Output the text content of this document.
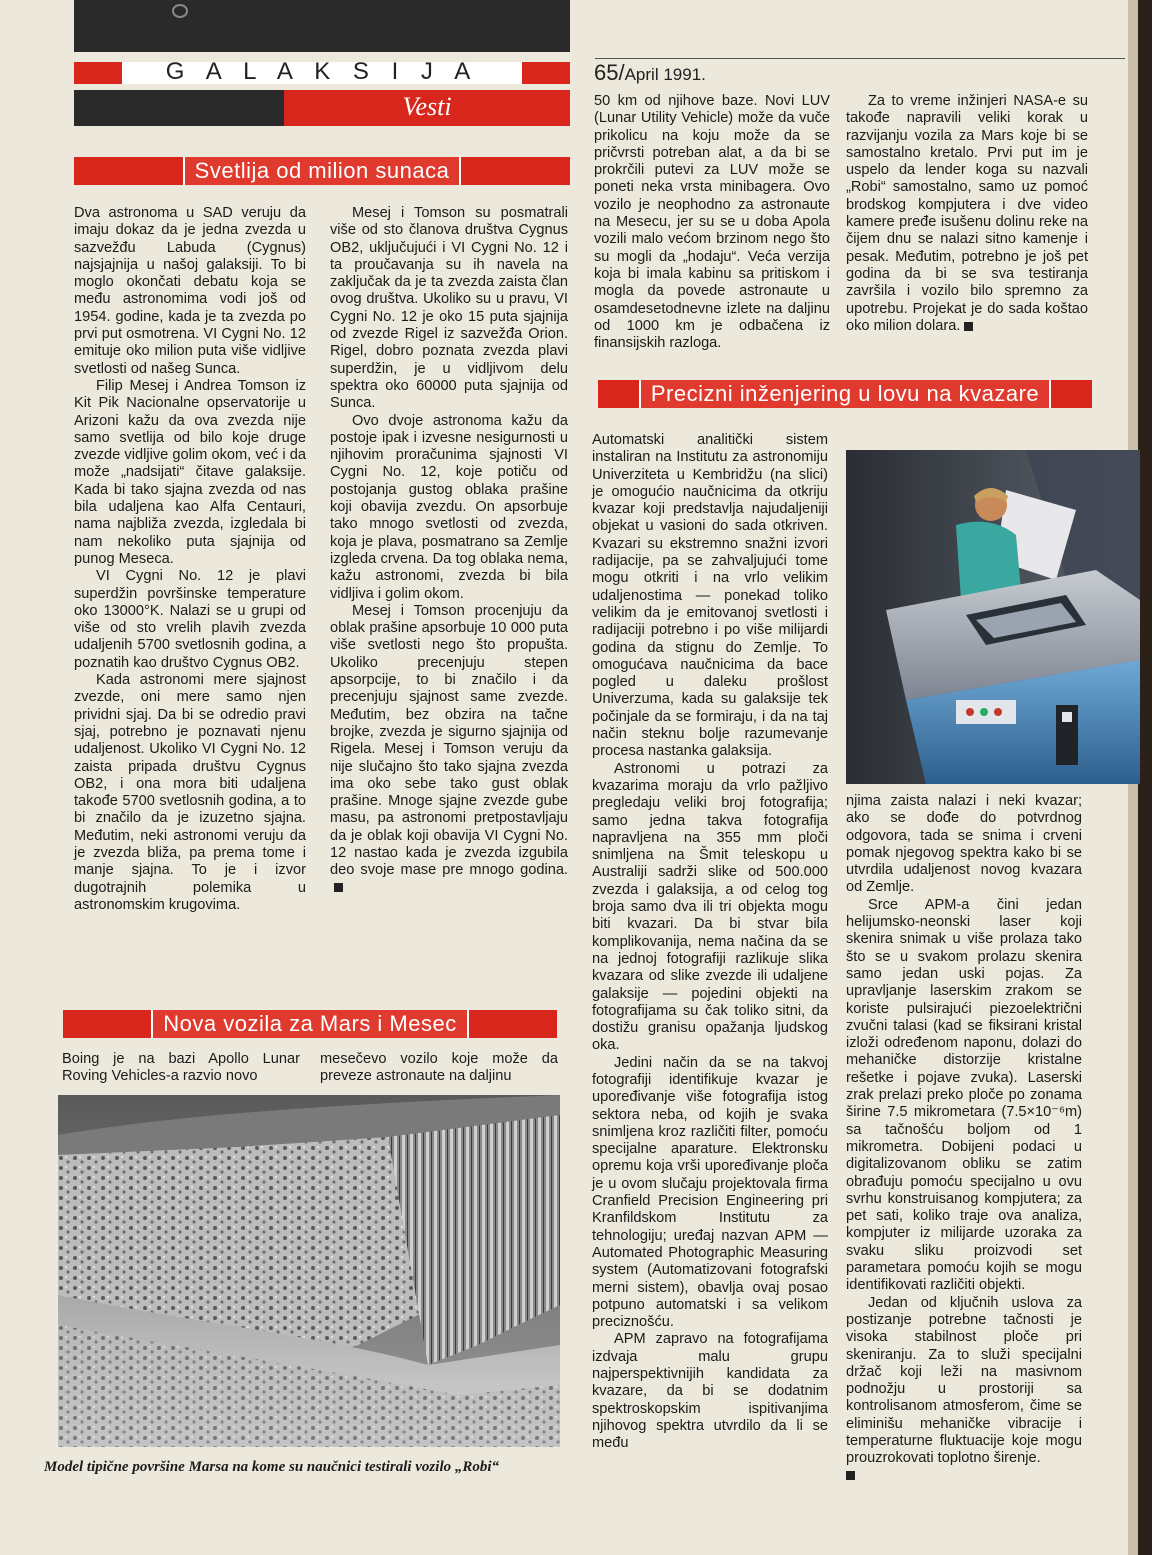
G A L A K S I J A
Vesti
65/April 1991.
Svetlija od milion sunaca

Dva astronoma u SAD veruju da imaju dokaz da je jedna zvezda u sazvežđu Labuda (Cygnus) najsjajnija u našoj galaksiji. To bi moglo okončati debatu koja se među astronomima vodi još od 1954. godine, kada je ta zvezda po prvi put osmotrena. VI Cygni No. 12 emituje oko milion puta više vidljive svetlosti od našeg Sunca.

Filip Mesej i Andrea Tomson iz Kit Pik Nacionalne opservatorije u Arizoni kažu da ova zvezda nije samo svetlija od bilo koje druge zvezde vidljive golim okom, već i da može „nadsijati“ čitave galaksije. Kada bi tako sjajna zvezda od nas bila udaljena kao Alfa Centauri, nama najbliža zvezda, izgledala bi nam nekoliko puta sjajnija od punog Meseca.

VI Cygni No. 12 je plavi superdžin površinske temperature oko 13000°K. Nalazi se u grupi od više od sto vrelih plavih zvezda udaljenih 5700 svetlosnih godina, a poznatih kao društvo Cygnus OB2.

Kada astronomi mere sjajnost zvezde, oni mere samo njen prividni sjaj. Da bi se odredio pravi sjaj, potrebno je poznavati njenu udaljenost. Ukoliko VI Cygni No. 12 zaista pripada društvu Cygnus OB2, i ona mora biti udaljena takođe 5700 svetlosnih godina, a to bi značilo da je izuzetno sjajna. Međutim, neki astronomi veruju da je zvezda bliža, pa prema tome i manje sjajna. To je i izvor dugotrajnih polemika u astronomskim krugovima.

Mesej i Tomson su posmatrali više od sto članova društva Cygnus OB2, uključujući i VI Cygni No. 12 i ta proučavanja su ih navela na zaključak da je ta zvezda zaista član ovog društva. Ukoliko su u pravu, VI Cygni No. 12 je oko 15 puta sjajnija od zvezde Rigel iz sazvežđa Orion. Rigel, dobro poznata zvezda plavi superdžin, je u vidljivom delu spektra oko 60000 puta sjajnija od Sunca.

Ovo dvoje astronoma kažu da postoje ipak i izvesne nesigurnosti u njihovim proračunima sjajnosti VI Cygni No. 12, koje potiču od postojanja gustog oblaka prašine koji obavija zvezdu. On apsorbuje tako mnogo svetlosti od zvezda, koja je plava, posmatrano sa Zemlje izgleda crvena. Da tog oblaka nema, kažu astronomi, zvezda bi bila vidljiva i golim okom.

Mesej i Tomson procenjuju da oblak prašine apsorbuje 10 000 puta više svetlosti nego što propušta. Ukoliko precenjuju stepen apsorpcije, to bi značilo i da precenjuju sjajnost same zvezde. Međutim, bez obzira na tačne brojke, zvezda je sigurno sjajnija od Rigela. Mesej i Tomson veruju da nije slučajno što tako sjajna zvezda ima oko sebe tako gust oblak prašine. Mnoge sjajne zvezde gube masu, pa astronomi pretpostavljaju da je oblak koji obavija VI Cygni No. 12 nastao kada je zvezda izgubila deo svoje mase pre mnogo godina.

Nova vozila za Mars i Mesec

Boing je na bazi Apollo Lunar Roving Vehicles-a razvio novo

mesečevo vozilo koje može da preveze astronaute na daljinu

Model tipične površine Marsa na kome su naučnici testirali vozilo „Robi“

50 km od njihove baze. Novi LUV (Lunar Utility Vehicle) može da vuče prikolicu na koju može da se pričvrsti potreban alat, a da bi se prokrčili putevi za LUV može se poneti neka vrsta minibagera. Ovo vozilo je neophodno za astronaute na Mesecu, jer su se u doba Apola vozili malo većom brzinom nego što su mogli da „hodaju“. Veća verzija koja bi imala kabinu sa pritiskom i mogla da povede astronaute u osamdesetodnevne izlete na daljinu od 1000 km je odbačena iz finansijskih razloga.

Za to vreme inžinjeri NASA-e su takođe napravili veliki korak u razvijanju vozila za Mars koje bi se samostalno kretalo. Prvi put im je uspelo da lender koga su nazvali „Robi“ samostalno, samo uz pomoć brodskog kompjutera i dve video kamere pređe isušenu dolinu reke na čijem dnu se nalazi sitno kamenje i pesak. Međutim, potrebno je još pet godina da bi se sva testiranja završila i vozilo bilo spremno za upotrebu. Projekat je do sada koštao oko milion dolara.

Precizni inženjering u lovu na kvazare

Automatski analitički sistem instaliran na Institutu za astronomiju Univerziteta u Kembridžu (na slici) je omogućio naučnicima da otkriju kvazar koji predstavlja najudaljeniji objekat u vasioni do sada otkriven. Kvazari su ekstremno snažni izvori radijacije, pa se zahvaljujući tome mogu otkriti i na vrlo velikim udaljenostima — ponekad toliko velikim da je emitovanoj svetlosti i radijaciji potrebno i po više milijardi godina da stignu do Zemlje. To omogućava naučnicima da bace pogled u daleku prošlost Univerzuma, kada su galaksije tek počinjale da se formiraju, i da na taj način steknu bolje razumevanje procesa nastanka galaksija.

Astronomi u potrazi za kvazarima moraju da vrlo pažljivo pregledaju veliki broj fotografija; samo jedna takva fotografija napravljena na 355 mm ploči snimljena na Šmit teleskopu u Australiji sadrži slike od 500.000 zvezda i galaksija, a od celog tog broja samo dva ili tri objekta mogu biti kvazari. Da bi stvar bila komplikovanija, nema načina da se na jednoj fotografiji razlikuje slika kvazara od slike zvezde ili udaljene galaksije — pojedini objekti na fotografijama su čak toliko sitni, da dostižu granisu opažanja ljudskog oka.

Jedini način da se na takvoj fotografiji identifikuje kvazar je upoređivanje više fotografija istog sektora neba, od kojih je svaka snimljena kroz različiti filter, pomoću specijalne aparature. Elektronsku opremu koja vrši upoređivanje ploča je u ovom slučaju projektovala firma Cranfield Precision Engineering pri Kranfildskom Institutu za tehnologiju; uređaj nazvan APM — Automated Photographic Measuring system (Automatizovani fotografski merni sistem), obavlja ovaj posao potpuno automatski i sa velikom preciznošću.

APM zapravo na fotografijama izdvaja malu grupu najperspektivnijih kandidata za kvazare, da bi se dodatnim spektroskopskim ispitivanjima njihovog spektra utvrdilo da li se među

njima zaista nalazi i neki kvazar; ako se dođe do potvrdnog odgovora, tada se snima i crveni pomak njegovog spektra kako bi se utvrdila udaljenost novog kvazara od Zemlje.

Srce APM-a čini jedan helijumsko-neonski laser koji skenira snimak u više prolaza tako što se u svakom prolazu skenira samo jedan uski pojas. Za upravljanje laserskim zrakom se koriste pulsirajući piezoelektrični zvučni talasi (kad se fiksirani kristal izloži određenom naponu, dolazi do mehaničke distorzije kristalne rešetke i pojave zvuka). Laserski zrak prelazi preko ploče po zonama širine 7.5 mikrometara (7.5×10⁻⁶m) sa tačnošću boljom od 1 mikrometra. Dobijeni podaci u digitalizovanom obliku se zatim obrađuju pomoću specijalno u ovu svrhu konstruisanog kompjutera; za pet sati, koliko traje ova analiza, kompjuter iz milijarde uzoraka za svaku sliku proizvodi set parametara pomoću kojih se mogu identifikovati različiti objekti.

Jedan od ključnih uslova za postizanje potrebne tačnosti je visoka stabilnost ploče pri skeniranju. Za to služi specijalni držač koji leži na masivnom podnožju u prostoriji sa kontrolisanom atmosferom, čime se eliminišu mehaničke vibracije i temperaturne fluktuacije koje mogu prouzrokovati toplotno širenje.
